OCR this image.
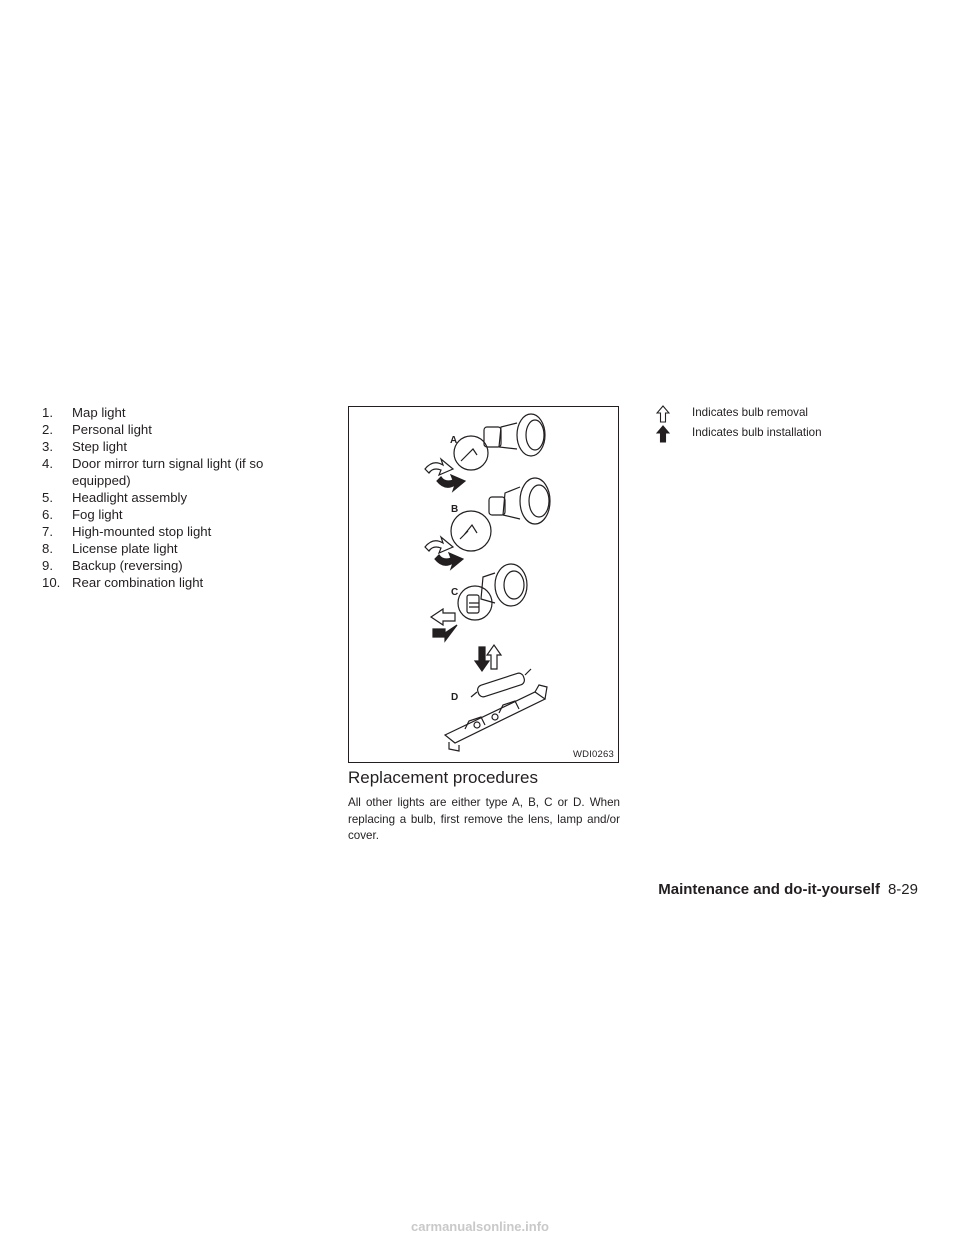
1. Map light
2. Personal light
3. Step light
4. Door mirror turn signal light (if so equipped)
5. Headlight assembly
6. Fog light
7. High-mounted stop light
8. License plate light
9. Backup (reversing)
10. Rear combination light
A
B
C
D
WDI0263
Replacement procedures

All other lights are either type A, B, C or D. When replacing a bulb, first remove the lens, lamp and/or cover.

Indicates bulb removal
Indicates bulb installation
Maintenance and do-it-yourself 8-29
carmanualsonline.info
